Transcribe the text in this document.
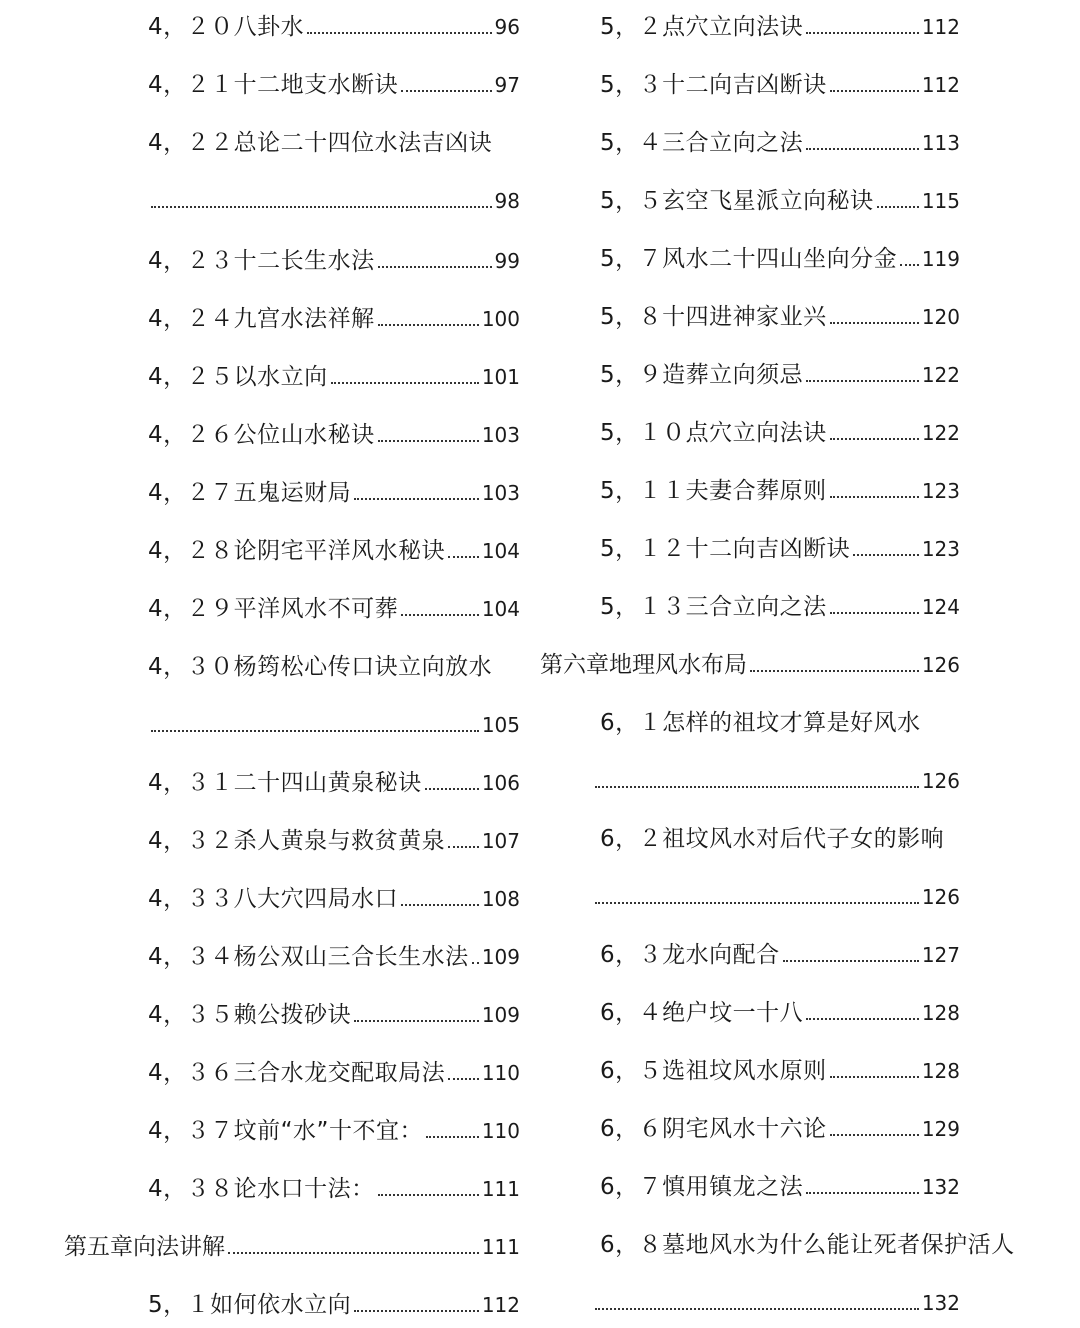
4，２０八卦水	96
4，２１十二地支水断诀	97
4，２２总论二十四位水法吉凶诀
98
4，２３十二长生水法	99
4，２４九宫水法祥解	100
4，２５以水立向	101
4，２６公位山水秘诀	103
4，２７五鬼运财局	103
4，２８论阴宅平洋风水秘诀 104
4，２９平洋风水不可葬	104
4，３０杨筠松心传口诀立向放水
105
4，３１二十四山黄泉秘诀	106
4，３２杀人黄泉与救贫黄泉 107
4，３３八大穴四局水口	108
4，３４杨公双山三合长生水法 109
4，３５赖公拨砂诀	109
4，３６三合水龙交配取局法 110
4，３７坟前“水”十不宜：	110
4，３８论水口十法：	111
第五章向法讲解	111
5，１如何依水立向	112
5，２点穴立向法诀	112
5，３十二向吉凶断诀	112
5，４三合立向之法	113
5，５玄空飞星派立向秘诀 115
5，７风水二十四山坐向分金 119
5，８十四进神家业兴	120
5，９造葬立向须忌	122
5，１０点穴立向法诀	122
5，１１夫妻合葬原则	123
5，１２十二向吉凶断诀	123
5，１３三合立向之法	124
第六章地理风水布局	126
6，１怎样的祖坟才算是好风水
126
6，２祖坟风水对后代子女的影响
126
6，３龙水向配合	127
6，４绝户坟一十八	128
6，５选祖坟风水原则	128
6，６阴宅风水十六论	129
6，７慎用镇龙之法	132
6，８墓地风水为什么能让死者保护活人
132
